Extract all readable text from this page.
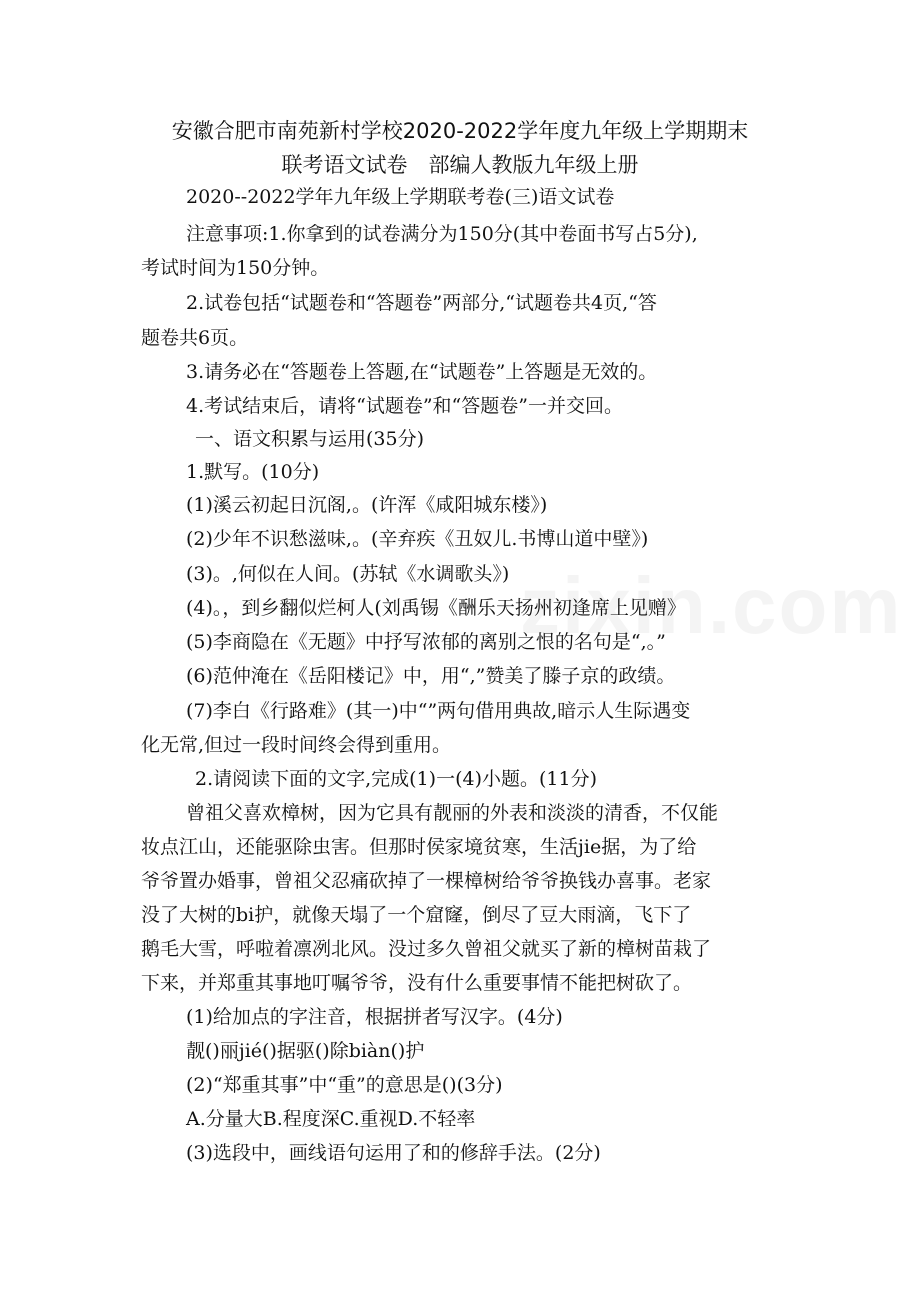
安徽合肥市南苑新村学校2020-2022学年度九年级上学期期末
联考语文试卷　部编人教版九年级上册
2020--2022学年九年级上学期联考卷(三)语文试卷
注意事项:1.你拿到的试卷满分为150分(其中卷面书写占5分),
考试时间为150分钟。
2.试卷包括“试题卷和“答题卷”两部分,“试题卷共4页,“答
题卷共6页。
3.请务必在“答题卷上答题,在“试题卷”上答题是无效的。
4.考试结束后，请将“试题卷”和“答题卷”一并交回。
一、语文积累与运用(35分)
1.默写。(10分)
(1)溪云初起日沉阁,。(许浑《咸阳城东楼》)
(2)少年不识愁滋味,。(辛弃疾《丑奴儿.书博山道中壁》)
(3)。,何似在人间。(苏轼《水调歌头》)
(4)。，到乡翻似烂柯人(刘禹锡《酬乐天扬州初逢席上见赠》
(5)李商隐在《无题》中抒写浓郁的离别之恨的名句是“,。”
(6)范仲淹在《岳阳楼记》中，用“,”赞美了滕子京的政绩。
(7)李白《行路难》(其一)中“”两句借用典故,暗示人生际遇变
化无常,但过一段时间终会得到重用。
2.请阅读下面的文字,完成(1)一(4)小题。(11分)
曾祖父喜欢樟树，因为它具有靓丽的外表和淡淡的清香，不仅能
妆点江山，还能驱除虫害。但那时侯家境贫寒，生活jie据，为了给
爷爷置办婚事，曾祖父忍痛砍掉了一棵樟树给爷爷换钱办喜事。老家
没了大树的bi护，就像天塌了一个窟窿，倒尽了豆大雨滴，飞下了
鹅毛大雪，呼啦着凛冽北风。没过多久曾祖父就买了新的樟树苗栽了
下来，并郑重其事地叮嘱爷爷，没有什么重要事情不能把树砍了。
(1)给加点的字注音，根据拼者写汉字。(4分)
靓()丽jié()据驱()除biàn()护
(2)“郑重其事”中“重”的意思是()(3分)
A.分量大B.程度深C.重视D.不轻率
(3)选段中，画线语句运用了和的修辞手法。(2分)
